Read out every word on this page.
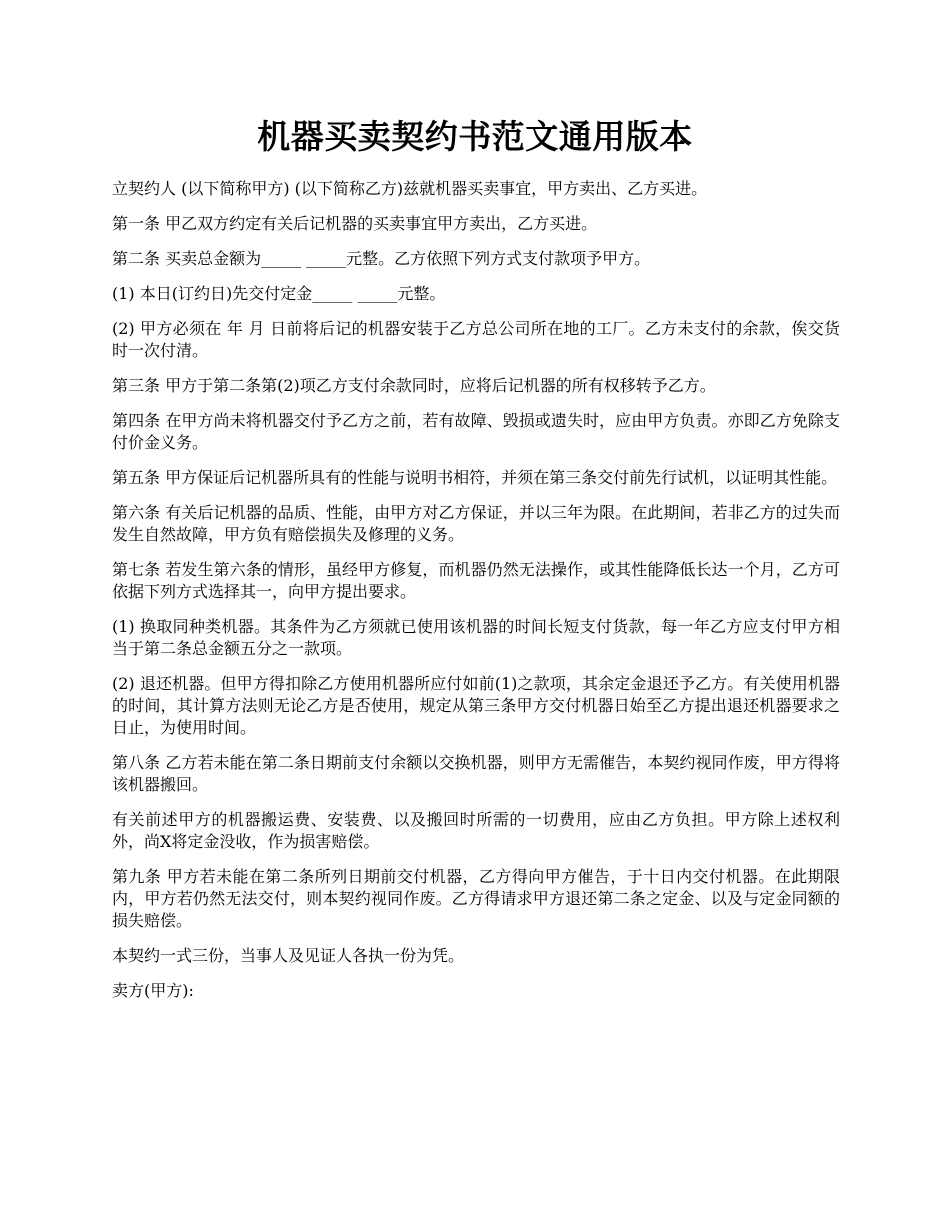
机器买卖契约书范文通用版本

立契约人 (以下简称甲方) (以下简称乙方)兹就机器买卖事宜，甲方卖出、乙方买进。

第一条 甲乙双方约定有关后记机器的买卖事宜甲方卖出，乙方买进。

第二条 买卖总金额为_____ _____元整。乙方依照下列方式支付款项予甲方。

(1) 本日(订约日)先交付定金_____ _____元整。

(2) 甲方必须在 年 月 日前将后记的机器安装于乙方总公司所在地的工厂。乙方未支付的余款，俟交货时一次付清。

第三条 甲方于第二条第(2)项乙方支付余款同时，应将后记机器的所有权移转予乙方。

第四条 在甲方尚未将机器交付予乙方之前，若有故障、毁损或遗失时，应由甲方负责。亦即乙方免除支付价金义务。

第五条 甲方保证后记机器所具有的性能与说明书相符，并须在第三条交付前先行试机，以证明其性能。

第六条 有关后记机器的品质、性能，由甲方对乙方保证，并以三年为限。在此期间，若非乙方的过失而发生自然故障，甲方负有赔偿损失及修理的义务。

第七条 若发生第六条的情形，虽经甲方修复，而机器仍然无法操作，或其性能降低长达一个月，乙方可依据下列方式选择其一，向甲方提出要求。

(1) 换取同种类机器。其条件为乙方须就已使用该机器的时间长短支付货款，每一年乙方应支付甲方相当于第二条总金额五分之一款项。

(2) 退还机器。但甲方得扣除乙方使用机器所应付如前(1)之款项，其余定金退还予乙方。有关使用机器的时间，其计算方法则无论乙方是否使用，规定从第三条甲方交付机器日始至乙方提出退还机器要求之日止，为使用时间。

第八条 乙方若未能在第二条日期前支付余额以交换机器，则甲方无需催告，本契约视同作废，甲方得将该机器搬回。

有关前述甲方的机器搬运费、安装费、以及搬回时所需的一切费用，应由乙方负担。甲方除上述权利外，尚X将定金没收，作为损害赔偿。

第九条 甲方若未能在第二条所列日期前交付机器，乙方得向甲方催告，于十日内交付机器。在此期限内，甲方若仍然无法交付，则本契约视同作废。乙方得请求甲方退还第二条之定金、以及与定金同额的损失赔偿。

本契约一式三份，当事人及见证人各执一份为凭。

卖方(甲方):
